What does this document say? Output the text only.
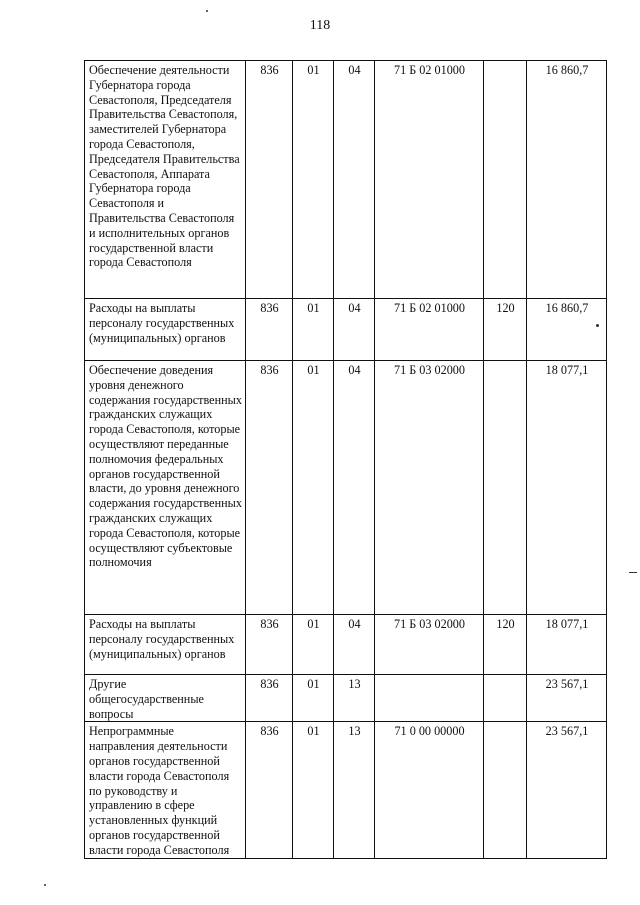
118
Обеспечение деятельности Губернатора города Севастополя, Председателя Правительства Севастополя, заместителей Губернатора города Севастополя, Председателя Правительства Севастополя, Аппарата Губернатора города Севастополя и Правительства Севастополя и исполнительных органов государственной власти города Севастополя	836	01	04	71 Б 02 01000		16 860,7
Расходы на выплаты персоналу государственных (муниципальных) органов	836	01	04	71 Б 02 01000	120	16 860,7
Обеспечение доведения уровня денежного содержания государственных гражданских служащих города Севастополя, которые осуществляют переданные полномочия федеральных органов государственной власти, до уровня денежного содержания государственных гражданских служащих города Севастополя, которые осуществляют субъектовые полномочия	836	01	04	71 Б 03 02000		18 077,1
Расходы на выплаты персоналу государственных (муниципальных) органов	836	01	04	71 Б 03 02000	120	18 077,1
Другие общегосударственные вопросы	836	01	13			23 567,1
Непрограммные направления деятельности органов государственной власти города Севастополя по руководству и управлению в сфере установленных функций органов государственной власти города Севастополя	836	01	13	71 0 00 00000		23 567,1
